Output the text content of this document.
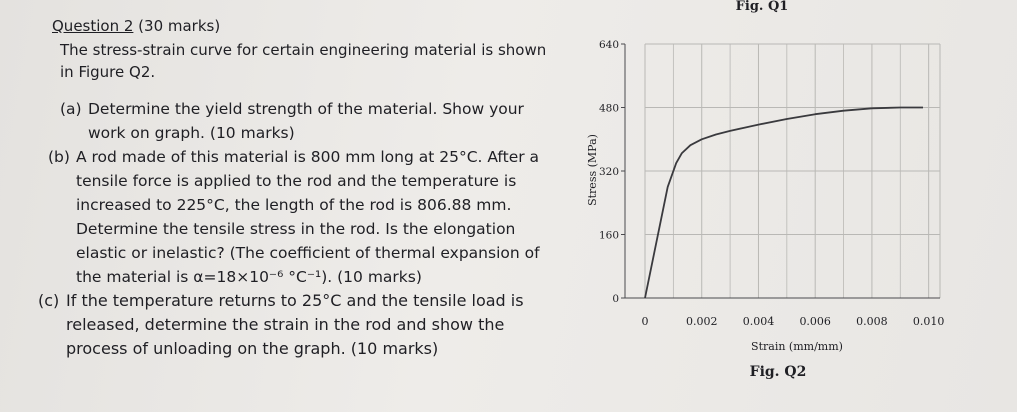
Question 2 (30 marks)
The stress-strain curve for certain engineering material is shown in Figure Q2.
(a) Determine the yield strength of the material. Show your work on graph. (10 marks)
(b) A rod made of this material is 800 mm long at 25°C. After a tensile force is applied to the rod and the temperature is increased to 225°C, the length of the rod is 806.88 mm. Determine the tensile stress in the rod. Is the elongation elastic or inelastic? (The coefficient of thermal expansion of the material is α=18×10⁻⁶ °C⁻¹). (10 marks)
(c) If the temperature returns to 25°C and the tensile load is released, determine the strain in the rod and show the process of unloading on the graph. (10 marks)
0	0.002 0.004 0.006 0.008 0.010
0
160
320
480
640
Fig. Q1
Strain (mm/mm)
Stress (MPa)
Fig. Q2
